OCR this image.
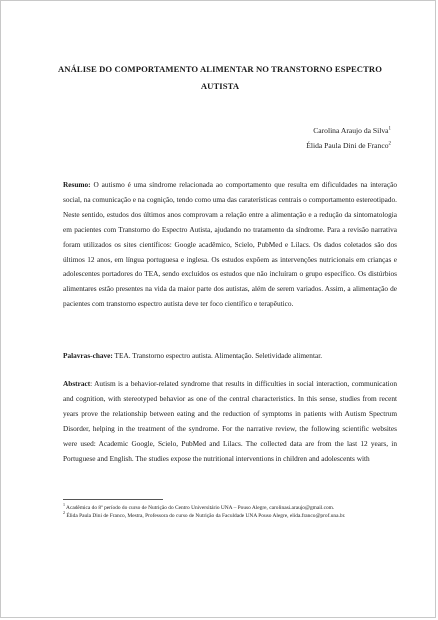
ANÁLISE DO COMPORTAMENTO ALIMENTAR NO TRANSTORNO ESPECTRO
AUTISTA
Carolina Araujo da Silva$^1$
Élida Paula Dini de Franco$^2$

Resumo: O autismo é uma síndrome relacionada ao comportamento que resulta em dificuldades na interação social, na comunicação e na cognição, tendo como uma das caraterísticas centrais o comportamento estereotipado. Neste sentido, estudos dos últimos anos comprovam a relação entre a alimentação e a redução da sintomatologia em pacientes com Transtorno do Espectro Autista, ajudando no tratamento da síndrome. Para a revisão narrativa foram utilizados os sites científicos: Google acadêmico, Scielo, PubMed e Lilacs. Os dados coletados são dos últimos 12 anos, em língua portuguesa e inglesa. Os estudos expõem as intervenções nutricionais em crianças e adolescentes portadores do TEA, sendo excluídos os estudos que não incluíram o grupo específico. Os distúrbios alimentares estão presentes na vida da maior parte dos autistas, além de serem variados. Assim, a alimentação de pacientes com transtorno espectro autista deve ter foco científico e terapêutico.

Palavras-chave: TEA. Transtorno espectro autista. Alimentação. Seletividade alimentar.

Abstract: Autism is a behavior-related syndrome that results in difficulties in social interaction, communication and cognition, with stereotyped behavior as one of the central characteristics. In this sense, studies from recent years prove the relationship between eating and the reduction of symptoms in patients with Autism Spectrum Disorder, helping in the treatment of the syndrome. For the narrative review, the following scientific websites were used: Academic Google, Scielo, PubMed and Lilacs. The collected data are from the last 12 years, in Portuguese and English. The studies expose the nutritional interventions in children and adolescents with

$^1$ Acadêmica do 8º período do curso de Nutrição do Centro Universitário UNA – Pouso Alegre, carolinasi.araujo@gmail.com.

$^2$ Élida Paula Dini de Franco, Mestra, Professora do curso de Nutrição da Faculdade UNA Pouso Alegre, elida.franco@prof.una.br.
